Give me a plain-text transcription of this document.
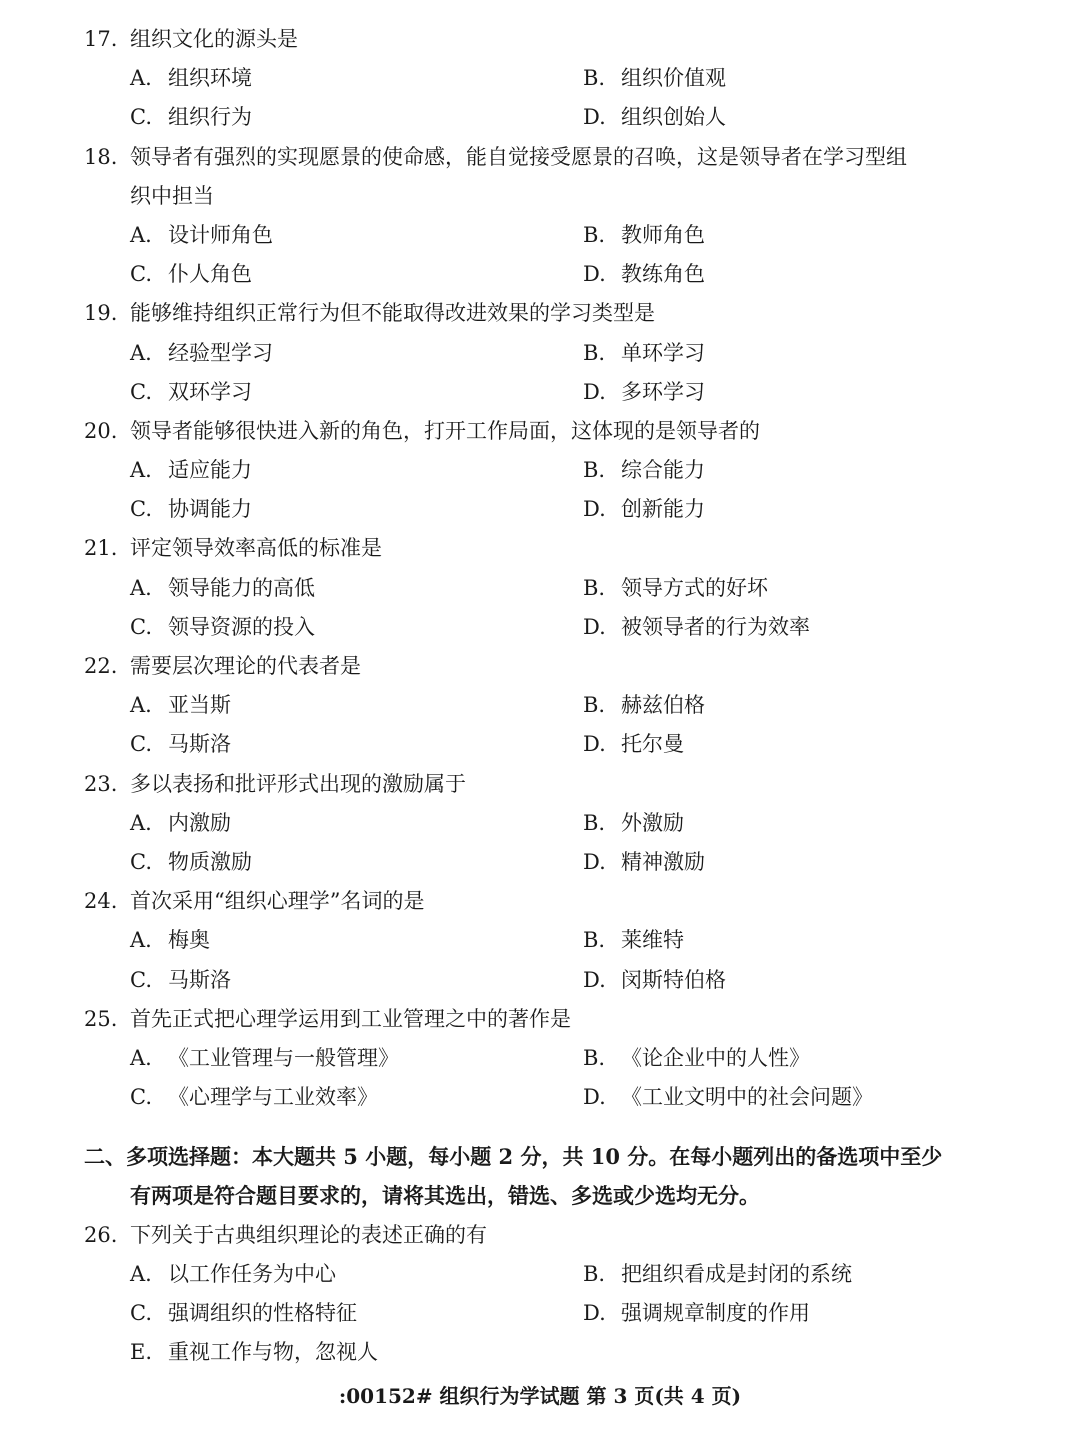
17. 组织文化的源头是
A. 组织环境	B. 组织价值观
C. 组织行为	D. 组织创始人
18. 领导者有强烈的实现愿景的使命感，能自觉接受愿景的召唤，这是领导者在学习型组
织中担当
A. 设计师角色	B. 教师角色
C. 仆人角色	D. 教练角色
19. 能够维持组织正常行为但不能取得改进效果的学习类型是
A. 经验型学习	B. 单环学习
C. 双环学习	D. 多环学习
20. 领导者能够很快进入新的角色，打开工作局面，这体现的是领导者的
A. 适应能力	B. 综合能力
C. 协调能力	D. 创新能力
21. 评定领导效率高低的标准是
A. 领导能力的高低	B. 领导方式的好坏
C. 领导资源的投入	D. 被领导者的行为效率
22. 需要层次理论的代表者是
A. 亚当斯	B. 赫兹伯格
C. 马斯洛	D. 托尔曼
23. 多以表扬和批评形式出现的激励属于
A. 内激励	B. 外激励
C. 物质激励	D. 精神激励
24. 首次采用“组织心理学”名词的是
A. 梅奥	B. 莱维特
C. 马斯洛	D. 闵斯特伯格
25. 首先正式把心理学运用到工业管理之中的著作是
A. 《工业管理与一般管理》	B. 《论企业中的人性》
C. 《心理学与工业效率》	D. 《工业文明中的社会问题》
二、多项选择题：本大题共 5 小题，每小题 2 分，共 10 分。在每小题列出的备选项中至少
有两项是符合题目要求的，请将其选出，错选、多选或少选均无分。
26. 下列关于古典组织理论的表述正确的有
A. 以工作任务为中心	B. 把组织看成是封闭的系统
C. 强调组织的性格特征	D. 强调规章制度的作用
E. 重视工作与物，忽视人
:00152# 组织行为学试题 第 3 页(共 4 页)
